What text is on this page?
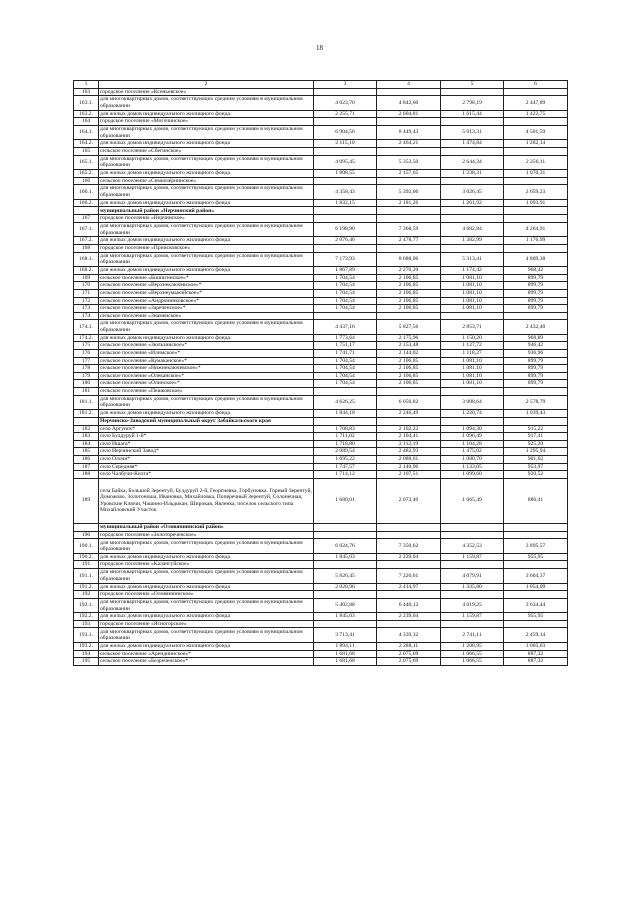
18
1	2	3	4	5	6
163	городское поселение «Ксеньевское»				
163.1.	для многоквартирных домов, соответствующих средним условиям в муниципальном образовании	4 023,70	4 842,60	2 798,19	2 447,89
163.2.	для жилых домов индивидуального жилищного фонда	2 255,71	2 604,81	1 615,44	1 422,75
164	городское поселение «Могочинское»				
164.1.	для многоквартирных домов, соответствующих средним условиям в муниципальном образовании	6 904,56	8 449,43	5 013,31	4 501,59
164.2.	для жилых домов индивидуального жилищного фонда	2 115,10	2 464,21	1 474,84	1 282,14
165	сельское поселение «Сбегинское»				
165.1.	для многоквартирных домов, соответствующих средним условиям в муниципальном образовании	4 095,45	5 353,50	2 644,34	2 256,11
165.2.	для жилых домов индивидуального жилищного фонда	1 808,55	2 157,65	1 238,31	1 070,31
166	сельское поселение «Семиозёрнинское»				
166.1.	для многоквартирных домов, соответствующих средним условиям в муниципальном образовании	4 358,43	5 392,06	3 026,45	2 659,23
166.2.	для жилых домов индивидуального жилищного фонда	1 832,15	2 181,26	1 261,92	1 093,91
	муниципальный район «Нерчинский район»				
167	городское поселение «Нерчинское»				
167.1.	для многоквартирных домов, соответствующих средним условиям в муниципальном образовании	6 198,90	7 368,59	4 682,84	4 264,91
167.2.	для жилых домов индивидуального жилищного фонда	2 076,46	2 478,77	1 382,99	1 176,99
168	городское поселение «Приисковское»				
168.1.	для многоквартирных домов, соответствующих средним условиям в муниципальном образовании	7 173,93	8 688,06	5 313,41	4 809,38
168.2.	для жилых домов индивидуального жилищного фонда	1 867,89	2 270,20	1 174,42	968,42
169	сельское поселение «Бишигинское»*	1 704,54	2 106,85	1 081,10	899,79
170	сельское поселение «Верхнеключевское»*	1 704,54	2 106,85	1 081,10	899,79
171	сельское поселение «Верхнеумыкэйское»*	1 704,54	2 106,85	1 081,10	899,79
172	сельское поселение «Андронниковское»*	1 704,54	2 106,85	1 081,10	899,79
173	сельское поселение «Зареченское»*	1 704,54	2 106,85	1 081,10	899,79
174	сельское поселение «Знаменское»				
174.1.	для многоквартирных домов, соответствующих средним условиям в муниципальном образовании	4 437,16	5 827,56	2 853,71	2 432,40
174.2.	для жилых домов индивидуального жилищного фонда	1 773,64	2 175,96	1 150,20	968,89
175	сельское поселение «Зюльзинское»*	1 751,17	2 153,48	1 127,72	946,42
176	сельское поселение «Илимское»*	1 741,71	2 144,02	1 118,27	936,96
177	сельское поселение «Кумаканское»*	1 704,54	2 106,85	1 081,10	899,79
178	сельское поселение «Нижнеключевское»*	1 704,54	2 106,85	1 081,10	899,79
179	сельское поселение «Олеканское»*	1 704,54	2 106,85	1 081,10	899,79
180	сельское поселение «Олинское»*	1 704,54	2 106,85	1 081,10	899,79
181	сельское поселение «Пешковское»				
181.1.	для многоквартирных домов, соответствующих средним условиям в муниципальном образовании	4 626,25	6 050,82	3 008,64	2 578,79
181.2.	для жилых домов индивидуального жилищного фонда	1 844,18	2 246,49	1 220,74	1 039,43
	Нерчинско-Заводский муниципальный округ Забайкальского края				
182	село Аргунск*	1 708,83	2 102,22	1 094,30	915,22
183	село Булдуруй 1-й*	1 711,02	2 104,41	1 096,49	917,41
184	село Ишага*	1 718,80	2 112,19	1 104,28	925,20
185	село Нерчинский Завод*	2 089,54	2 482,93	1 475,02	1 295,94
186	село Олочи*	1 695,22	2 088,61	1 080,70	901,62
187	село Середняя*	1 747,57	2 140,96	1 133,05	953,97
188	село Чалбучи-Килга*	1 714,12	2 107,51	1 099,60	920,52
189	села Байка, Большой Зерентуй, Булдуруй 2-й, Георгиевка, Горбуновка, Горный Зерентуй, Доможово, Золотоноша, Ивановка, Михайловка, Поперечный Зерентуй, Солонечная, Уровские Ключи, Чашино-Ильдикан, Широкая, Явленка, поселок сельского типа Михайловский Участок	1 680,01	2 073,40	1 065,49	886,41
	муниципальный район «Оловяннинский район»				
190	городское поселение «Золотореченское»				
190.1.	для многоквартирных домов, соответствующих средним условиям в муниципальном образовании	6 024,76	7 350,62	4 352,53	3 895,57
190.2.	для жилых домов индивидуального жилищного фонда	1 845,03	2 239,04	1 159,87	955,95
191	городское поселение «Калангуйское»				
191.1.	для многоквартирных домов, соответствующих средним условиям в муниципальном образовании	5 826,45	7 226,61	4 079,91	3 604,37
191.2.	для жилых домов индивидуального жилищного фонда	2 020,96	2 414,97	1 335,80	1 054,09
192	городское поселение «Оловяннинское»				
192.1.	для многоквартирных домов, соответствующих средним условиям в муниципальном образовании	5 402,88	6 440,12	4 019,25	3 634,44
192.2.	для жилых домов индивидуального жилищного фонда	1 845,03	2 239,04	1 159,87	955,95
193	городское поселение «Ясногорское»				
193.1.	для многоквартирных домов, соответствующих средним условиям в муниципальном образовании	3 713,41	4 339,32	2 741,11	2 459,14
193.2.	для жилых домов индивидуального жилищного фонда	1 894,11	2 288,11	1 208,95	1 005,03
194	сельское поселение «Аренднинское»*	1 681,68	2 075,69	1 066,55	887,32
195	сельское поселение «Безреченское»*	1 681,68	2 075,69	1 066,55	887,32
